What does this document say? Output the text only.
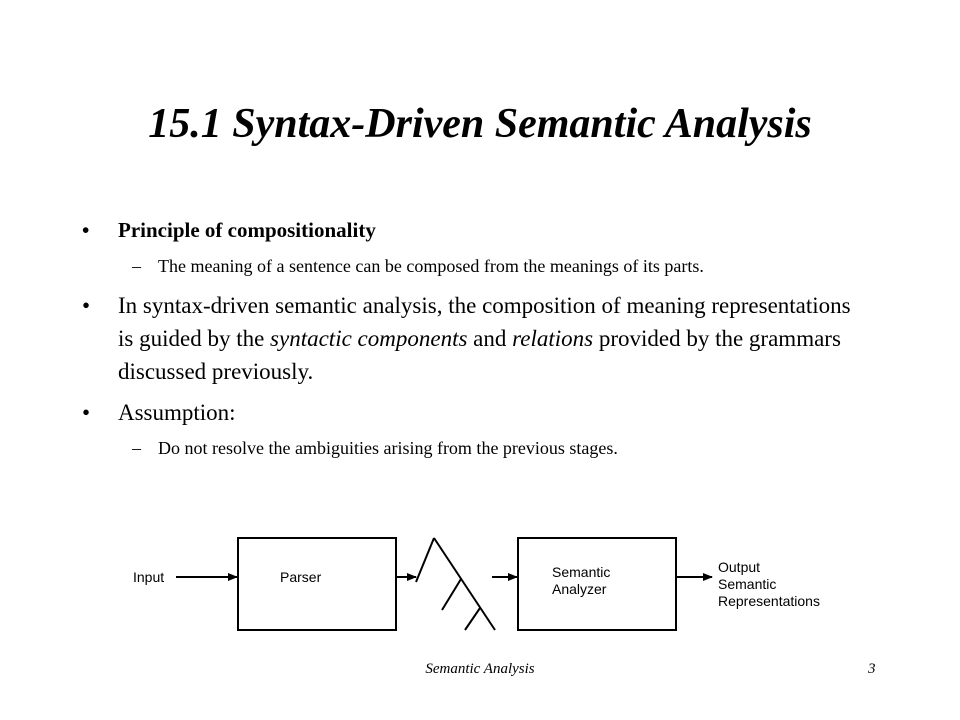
15.1 Syntax-Driven Semantic Analysis
• Principle of compositionality
– The meaning of a sentence can be composed from the meanings of its parts.
• In syntax-driven semantic analysis, the composition of meaning representations is guided by the syntactic components and relations provided by the grammars discussed previously.
• Assumption:
– Do not resolve the ambiguities arising from the previous stages.
Input	Parser	Semantic
Analyzer
Output
Semantic
Representations
Semantic Analysis	3
